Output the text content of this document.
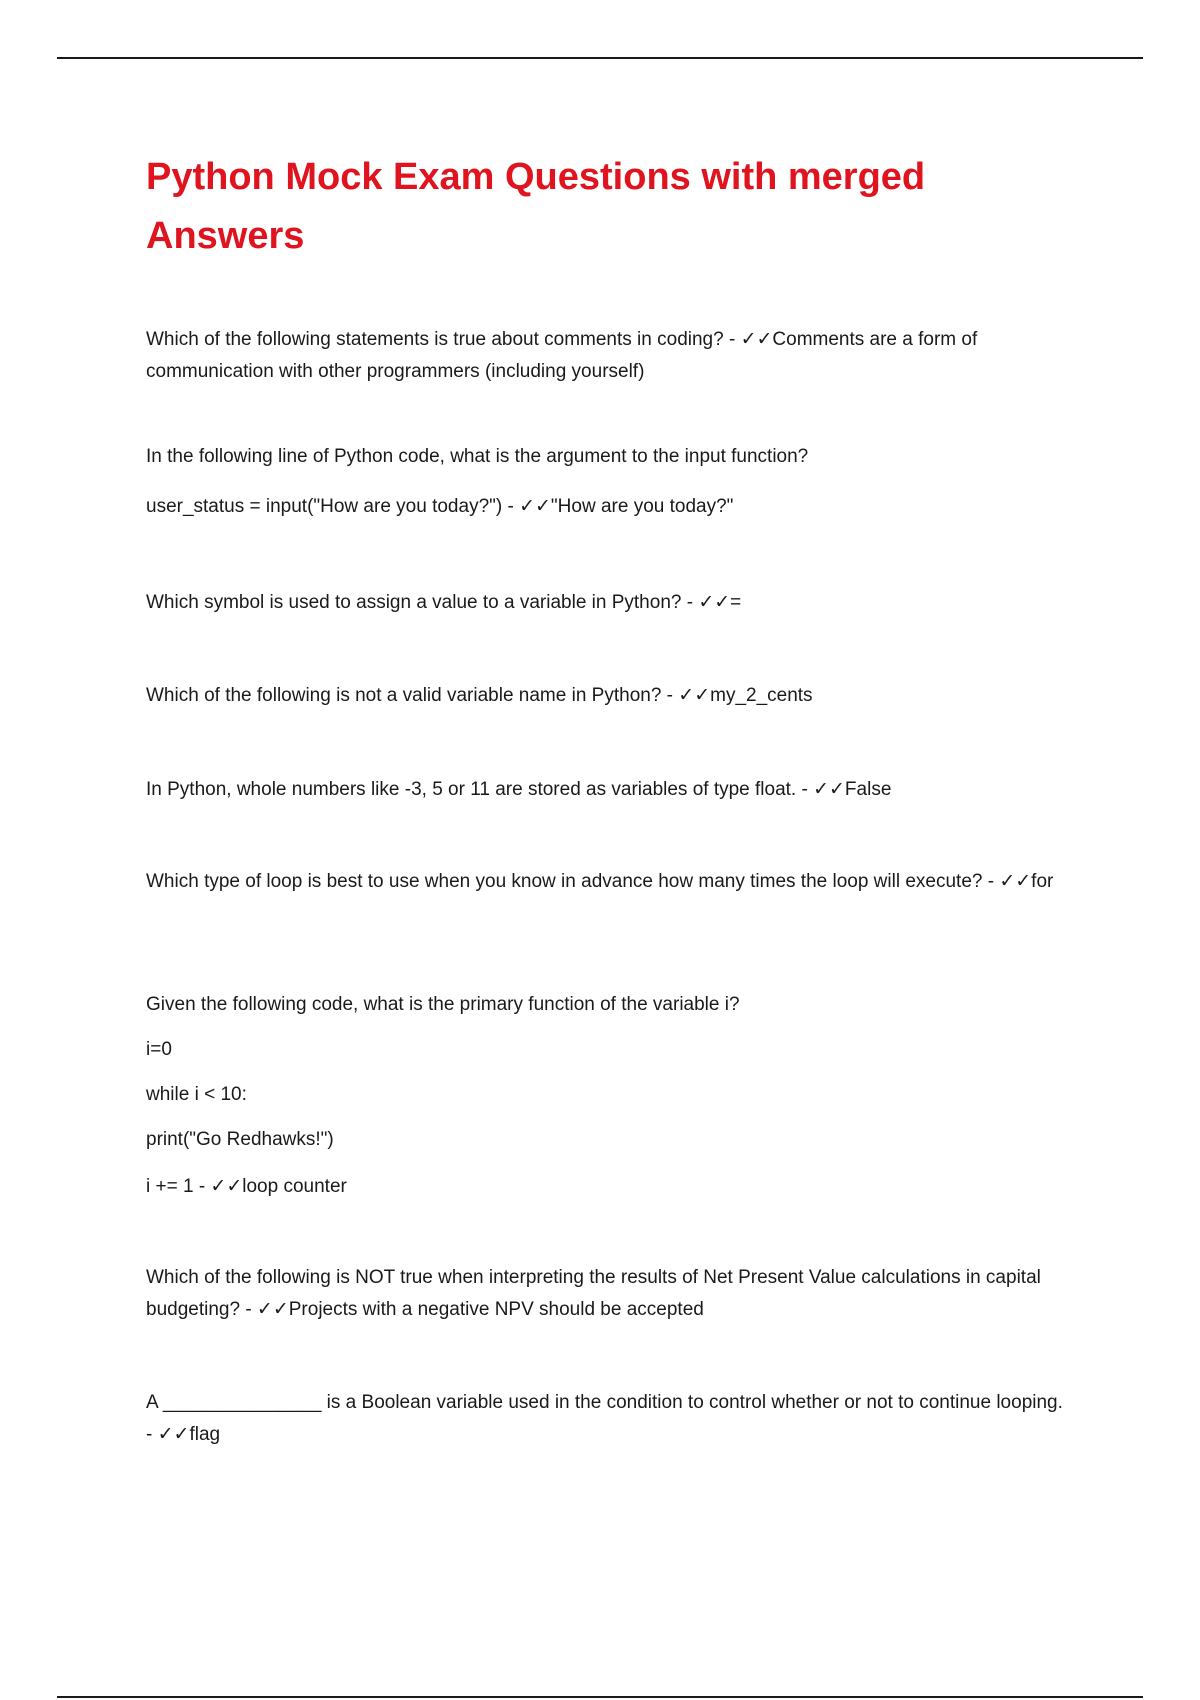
Python Mock Exam Questions with merged Answers
Which of the following statements is true about comments in coding? - ✓✓Comments are a form of communication with other programmers (including yourself)
In the following line of Python code, what is the argument to the input function?
user_status = input("How are you today?") - ✓✓"How are you today?"
Which symbol is used to assign a value to a variable in Python? - ✓✓=
Which of the following is not a valid variable name in Python? - ✓✓my_2_cents
In Python, whole numbers like -3, 5 or 11 are stored as variables of type float. - ✓✓False
Which type of loop is best to use when you know in advance how many times the loop will execute? - ✓✓for
Given the following code, what is the primary function of the variable i?
i=0
while i < 10:
print("Go Redhawks!")
i += 1 - ✓✓loop counter
Which of the following is NOT true when interpreting the results of Net Present Value calculations in capital budgeting? - ✓✓Projects with a negative NPV should be accepted
A _______________ is a Boolean variable used in the condition to control whether or not to continue looping. - ✓✓flag
